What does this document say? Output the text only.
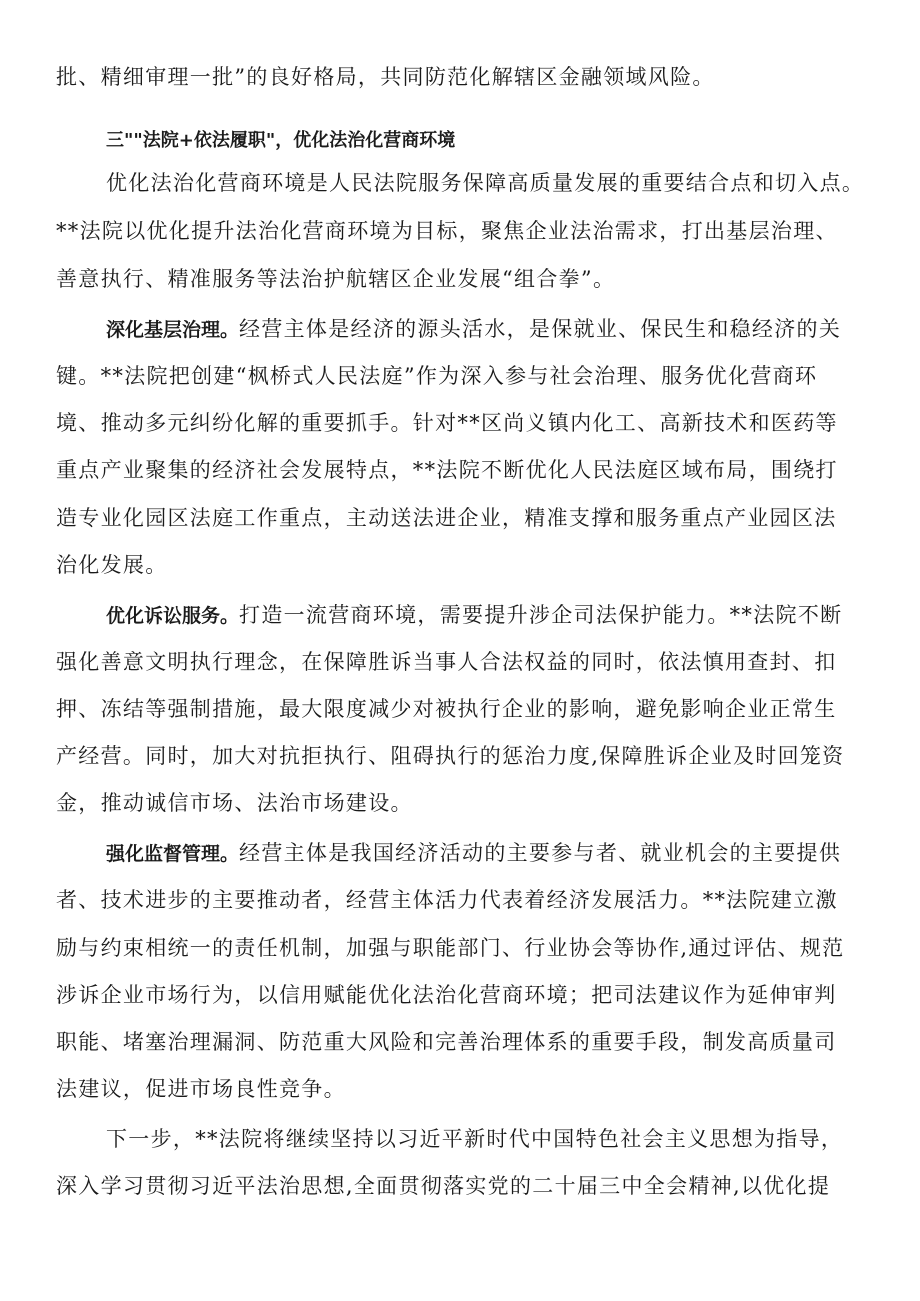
批、精细审理一批”的良好格局，共同防范化解辖区金融领域风险。
三""法院+依法履职"，优化法治化营商环境
优化法治化营商环境是人民法院服务保障高质量发展的重要结合点和切入点。
**法院以优化提升法治化营商环境为目标，聚焦企业法治需求，打出基层治理、
善意执行、精准服务等法治护航辖区企业发展“组合拳”。
深化基层治理。经营主体是经济的源头活水，是保就业、保民生和稳经济的关
键。**法院把创建“枫桥式人民法庭”作为深入参与社会治理、服务优化营商环
境、推动多元纠纷化解的重要抓手。针对**区尚义镇内化工、高新技术和医药等
重点产业聚集的经济社会发展特点，**法院不断优化人民法庭区域布局，围绕打
造专业化园区法庭工作重点，主动送法进企业，精准支撑和服务重点产业园区法
治化发展。
优化诉讼服务。打造一流营商环境，需要提升涉企司法保护能力。**法院不断
强化善意文明执行理念，在保障胜诉当事人合法权益的同时，依法慎用查封、扣
押、冻结等强制措施，最大限度减少对被执行企业的影响，避免影响企业正常生
产经营。同时，加大对抗拒执行、阻碍执行的惩治力度,保障胜诉企业及时回笼资
金，推动诚信市场、法治市场建设。
强化监督管理。经营主体是我国经济活动的主要参与者、就业机会的主要提供
者、技术进步的主要推动者，经营主体活力代表着经济发展活力。**法院建立激
励与约束相统一的责任机制，加强与职能部门、行业协会等协作,通过评估、规范
涉诉企业市场行为，以信用赋能优化法治化营商环境；把司法建议作为延伸审判
职能、堵塞治理漏洞、防范重大风险和完善治理体系的重要手段，制发高质量司
法建议，促进市场良性竞争。
下一步，**法院将继续坚持以习近平新时代中国特色社会主义思想为指导，
深入学习贯彻习近平法治思想,全面贯彻落实党的二十届三中全会精神,以优化提
